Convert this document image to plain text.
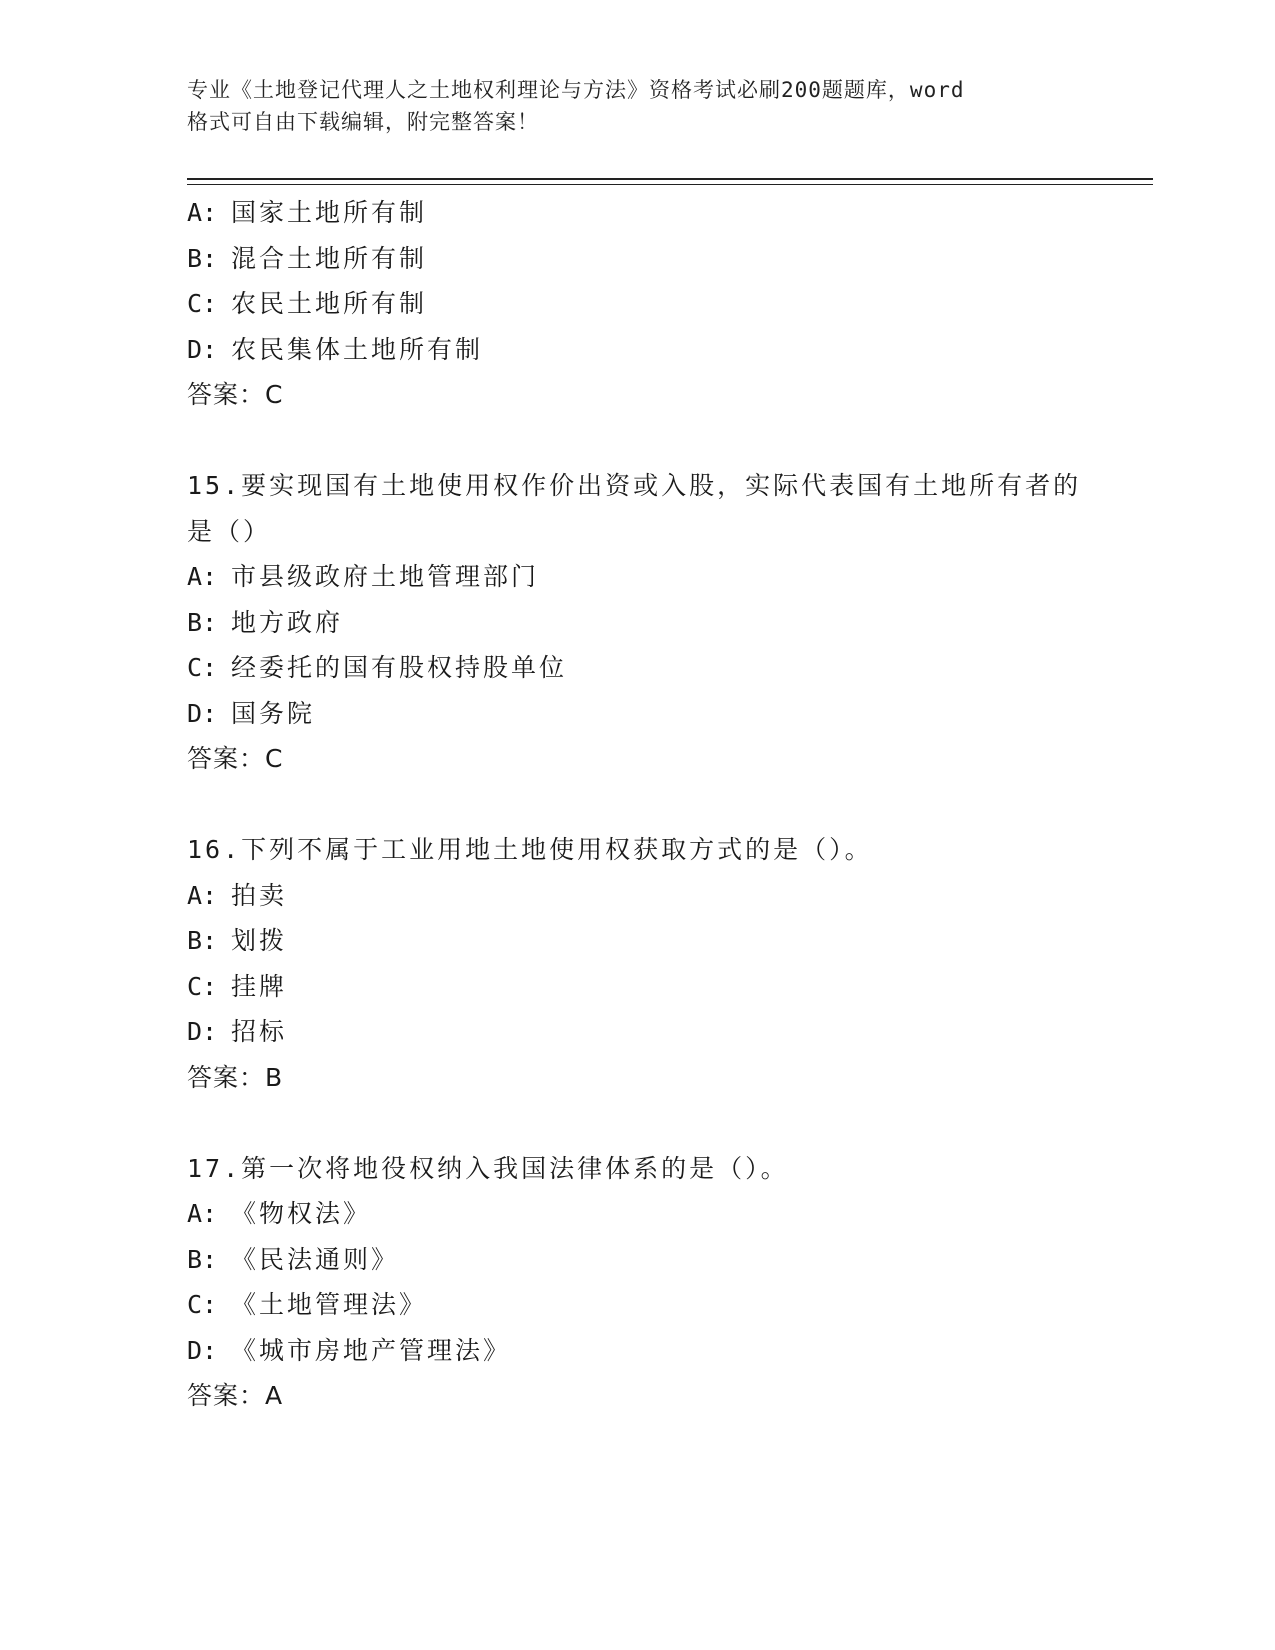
专业《土地登记代理人之土地权利理论与方法》资格考试必刷200题题库，word
格式可自由下载编辑，附完整答案！
A: 国家土地所有制
B: 混合土地所有制
C: 农民土地所有制
D: 农民集体土地所有制
答案：C
15.要实现国有土地使用权作价出资或入股，实际代表国有土地所有者的是（）
A: 市县级政府土地管理部门
B: 地方政府
C: 经委托的国有股权持股单位
D: 国务院
答案：C
16.下列不属于工业用地土地使用权获取方式的是（）。
A: 拍卖
B: 划拨
C: 挂牌
D: 招标
答案：B
17.第一次将地役权纳入我国法律体系的是（）。
A: 《物权法》
B: 《民法通则》
C: 《土地管理法》
D: 《城市房地产管理法》
答案：A
